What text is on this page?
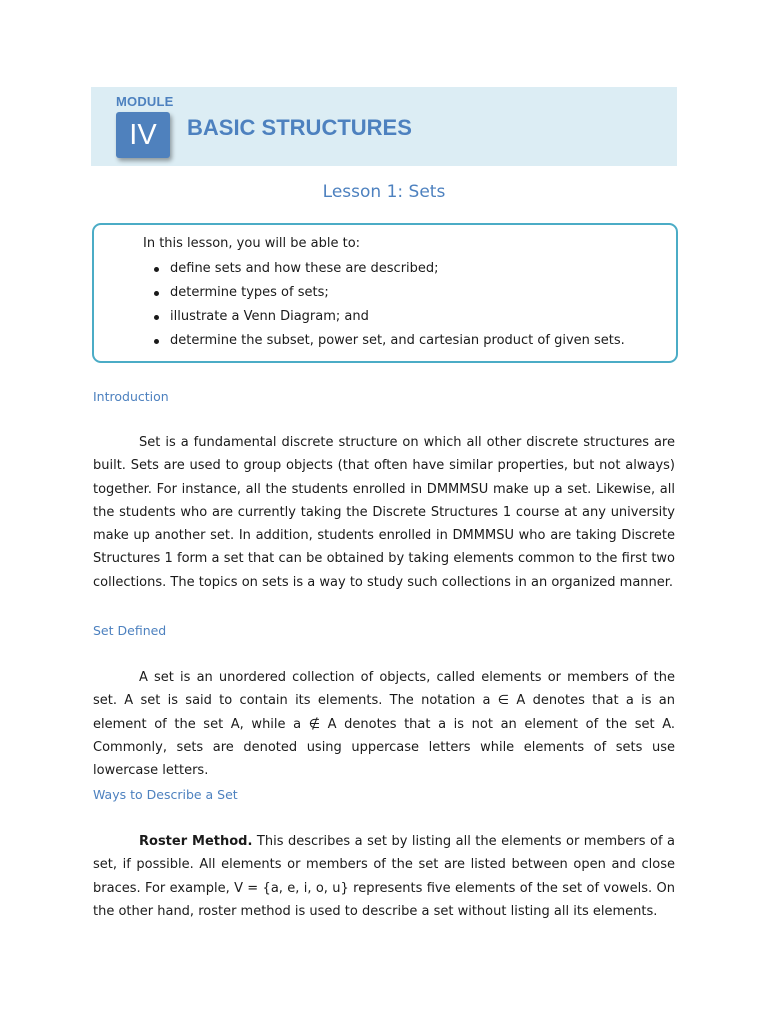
MODULE
IV	BASIC STRUCTURES
Lesson 1: Sets
In this lesson, you will be able to:
define sets and how these are described;
determine types of sets;
illustrate a Venn Diagram; and
determine the subset, power set, and cartesian product of given sets.
Introduction

Set is a fundamental discrete structure on which all other discrete structures are built. Sets are used to group objects (that often have similar properties, but not always) together. For instance, all the students enrolled in DMMMSU make up a set. Likewise, all the students who are currently taking the Discrete Structures 1 course at any university make up another set. In addition, students enrolled in DMMMSU who are taking Discrete Structures 1 form a set that can be obtained by taking elements common to the first two collections. The topics on sets is a way to study such collections in an organized manner.

Set Defined

A set is an unordered collection of objects, called elements or members of the set. A set is said to contain its elements. The notation a ∈ A denotes that a is an element of the set A, while a ∉ A denotes that a is not an element of the set A. Commonly, sets are denoted using uppercase letters while elements of sets use lowercase letters.

Ways to Describe a Set

Roster Method. This describes a set by listing all the elements or members of a set, if possible. All elements or members of the set are listed between open and close braces. For example, V = {a, e, i, o, u} represents five elements of the set of vowels. On the other hand, roster method is used to describe a set without listing all its elements.
